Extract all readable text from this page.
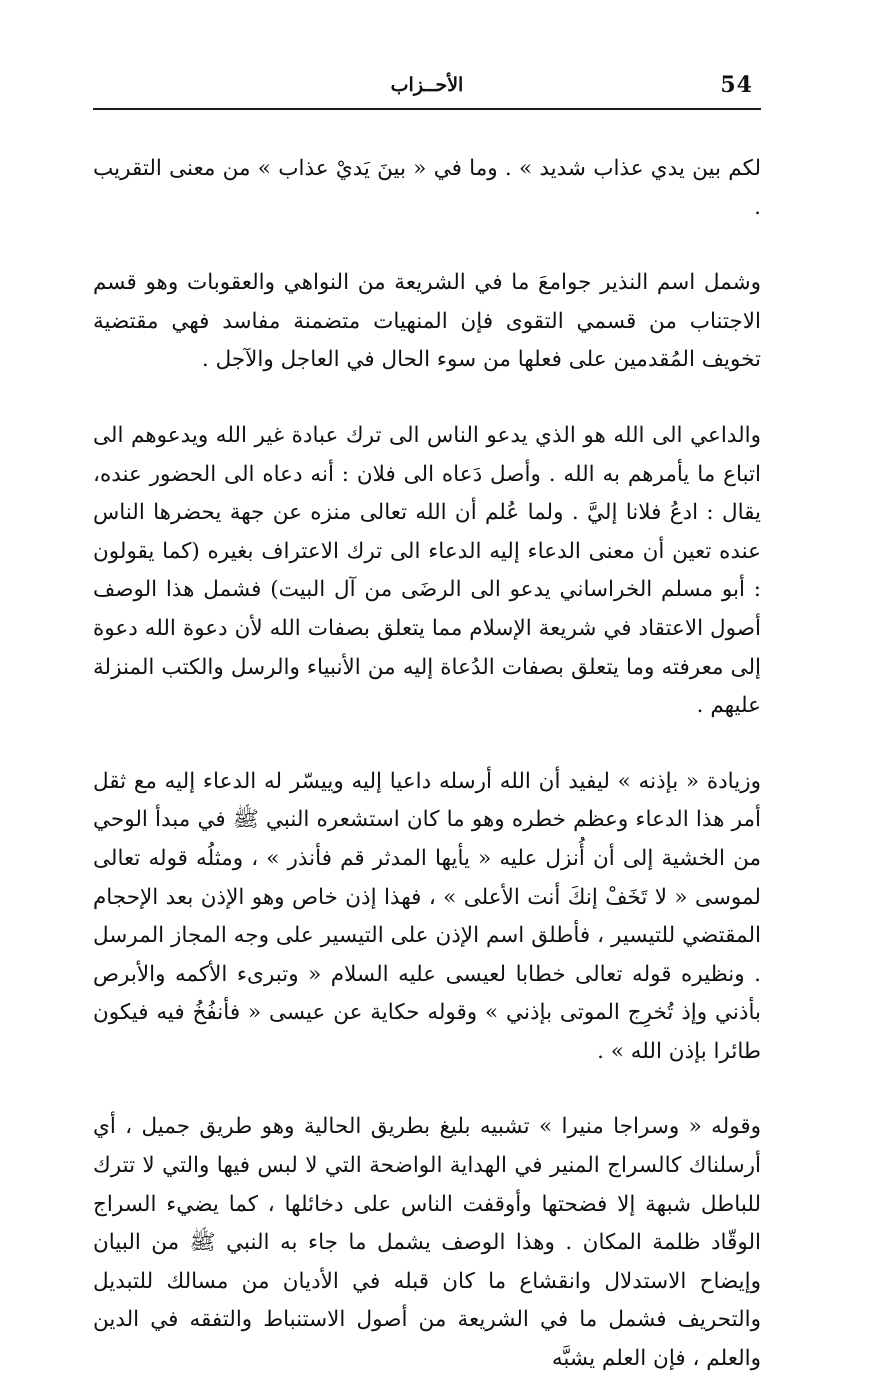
54
الأحــزاب

لكم بين يدي عذاب شديد » . وما في « بينَ يَديْ عذاب » من معنى التقريب .

وشمل اسم النذير جوامعَ ما في الشريعة من النواهي والعقوبات وهو قسم الاجتناب من قسمي التقوى فإن المنهيات متضمنة مفاسد فهي مقتضية تخويف المُقدمين على فعلها من سوء الحال في العاجل والآجل .

والداعي الى الله هو الذي يدعو الناس الى ترك عبادة غير الله ويدعوهم الى اتباع ما يأمرهم به الله . وأصل دَعاه الى فلان : أنه دعاه الى الحضور عنده، يقال : ادعُ فلانا إليَّ . ولما عُلم أن الله تعالى منزه عن جهة يحضرها الناس عنده تعين أن معنى الدعاء إليه الدعاء الى ترك الاعتراف بغيره (كما يقولون : أبو مسلم الخراساني يدعو الى الرضَى من آل البيت) فشمل هذا الوصف أصول الاعتقاد في شريعة الإسلام مما يتعلق بصفات الله لأن دعوة الله دعوة إلى معرفته وما يتعلق بصفات الدُعاة إليه من الأنبياء والرسل والكتب المنزلة عليهم .

وزيادة « بإذنه » ليفيد أن الله أرسله داعيا إليه وييسّر له الدعاء إليه مع ثقل أمر هذا الدعاء وعظم خطره وهو ما كان استشعره النبي ﷺ في مبدأ الوحي من الخشية إلى أن أُنزل عليه « يأيها المدثر قم فأنذر » ، ومثلُه قوله تعالى لموسى « لا تَخَفْ إنكَ أنت الأعلى » ، فهذا إذن خاص وهو الإذن بعد الإحجام المقتضي للتيسير ، فأطلق اسم الإذن على التيسير على وجه المجاز المرسل . ونظيره قوله تعالى خطابا لعيسى عليه السلام « وتبرىء الأكمه والأبرص بأذني وإذ تُخرِج الموتى بإذني » وقوله حكاية عن عيسى « فأنفُخُ فيه فيكون طائرا بإذن الله » .

وقوله « وسراجا منيرا » تشبيه بليغ بطريق الحالية وهو طريق جميل ، أي أرسلناك كالسراج المنير في الهداية الواضحة التي لا لبس فيها والتي لا تترك للباطل شبهة إلا فضحتها وأوقفت الناس على دخائلها ، كما يضيء السراج الوقّاد ظلمة المكان . وهذا الوصف يشمل ما جاء به النبي ﷺ من البيان وإيضاح الاستدلال وانقشاع ما كان قبله في الأديان من مسالك للتبديل والتحريف فشمل ما في الشريعة من أصول الاستنباط والتفقه في الدين والعلم ، فإن العلم يشبَّه
